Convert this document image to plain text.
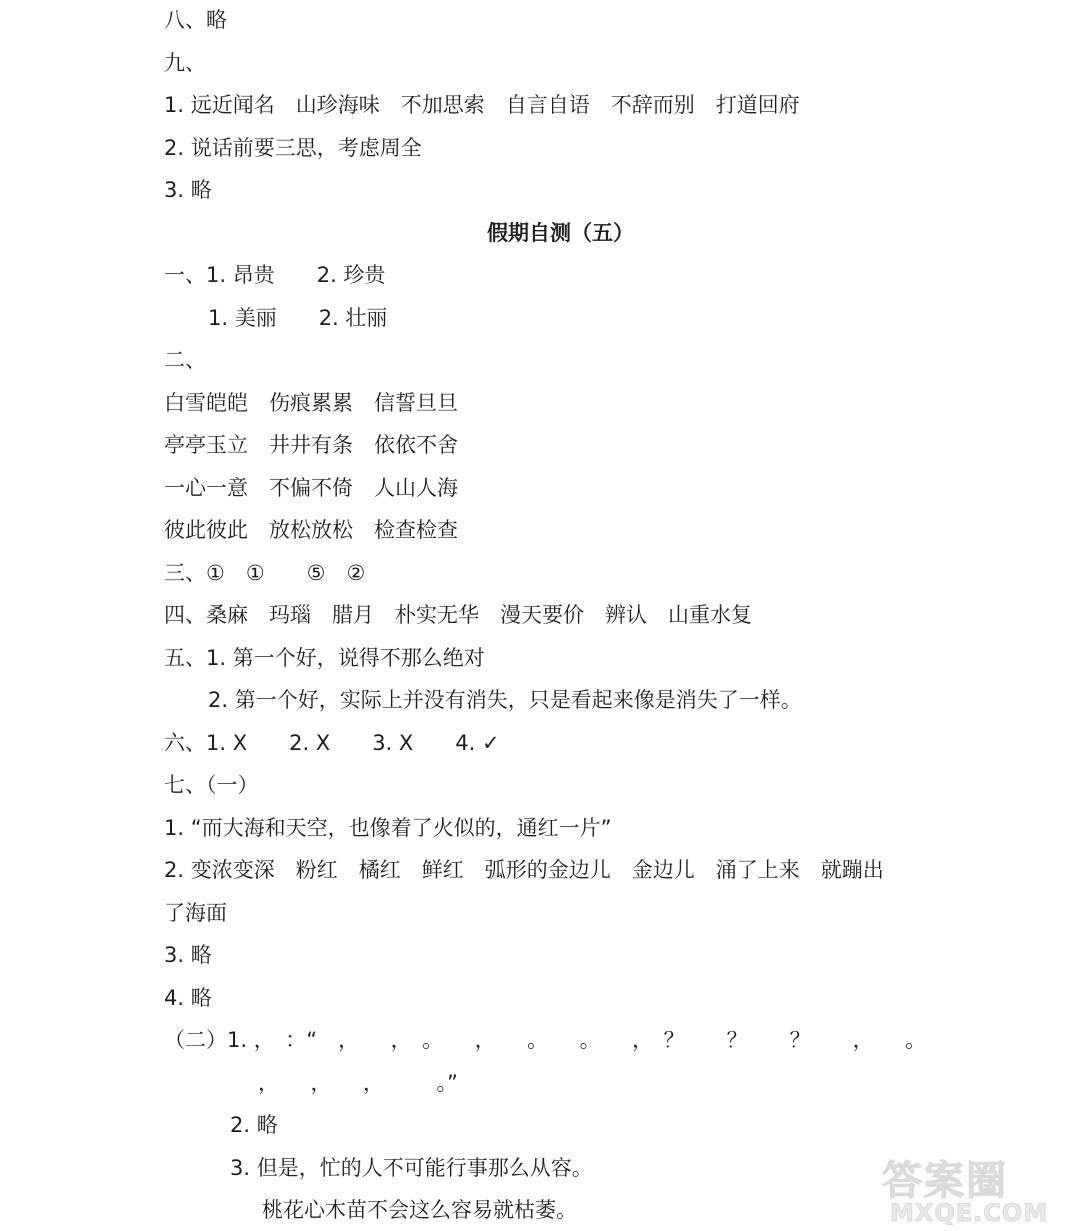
八、略
九、
1. 远近闻名　山珍海味　不加思索　自言自语　不辞而别　打道回府
2. 说话前要三思，考虑周全
3. 略
假期自测（五）
一、1. 昂贵　　2. 珍贵
1. 美丽　　2. 壮丽
二、
白雪皑皑　伤痕累累　信誓旦旦
亭亭玉立　井井有条　依依不舍
一心一意　不偏不倚　人山人海
彼此彼此　放松放松　检查检查
三、①　①　　⑤　②
四、桑麻　玛瑙　腊月　朴实无华　漫天要价　辨认　山重水复
五、1. 第一个好，说得不那么绝对
2. 第一个好，实际上并没有消失，只是看起来像是消失了一样。
六、1. X　　2. X　　3. X　　4. ✓
七、（一）
1. “而大海和天空，也像着了火似的，通红一片”
2. 变浓变深　粉红　橘红　鲜红　弧形的金边儿　金边儿　涌了上来　就蹦出
了海面
3. 略
4. 略
（二）1. ，　：“　，　　，　。　　，　　。　　。　　，　？　　？　　？　　，　　。
，　　，　　，　　　。”
2. 略
3. 但是，忙的人不可能行事那么从容。
桃花心木苗不会这么容易就枯萎。
答案圈
MXQE.COM
